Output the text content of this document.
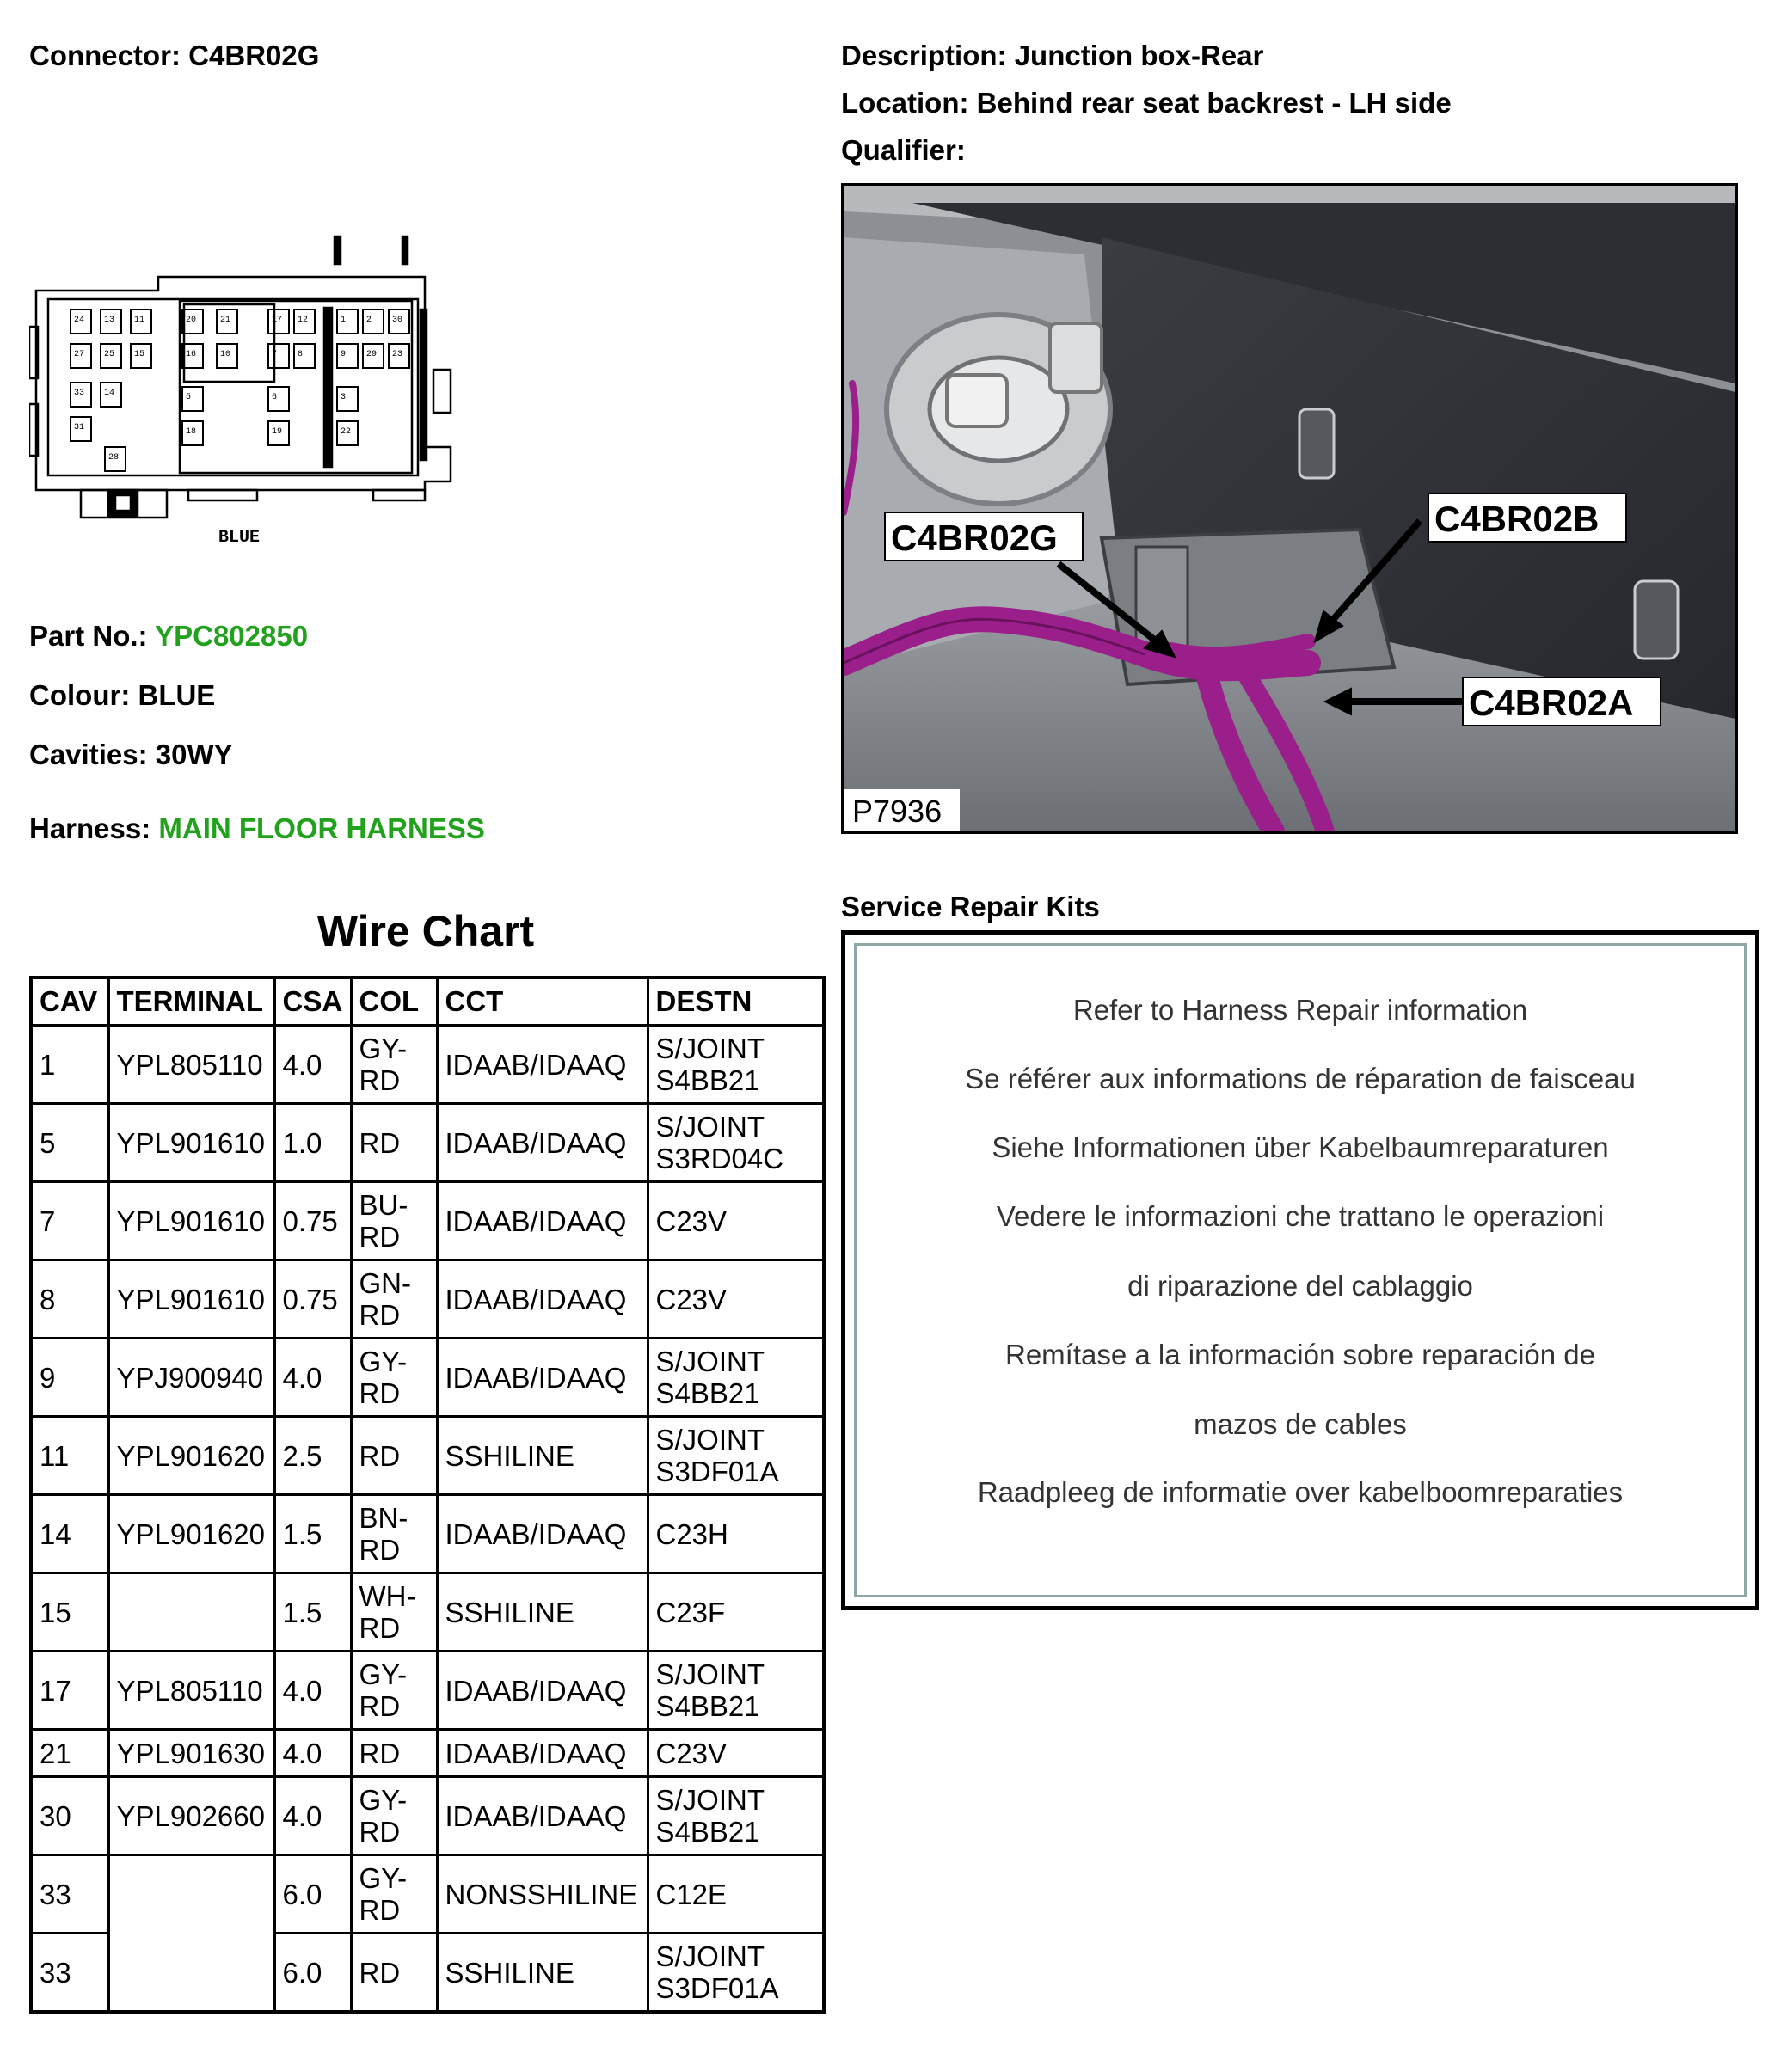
Connector: C4BR02G	Description: Junction box-Rear
Location: Behind rear seat backrest - LH side
Qualifier:
24 13 11	20	21	17 12	1 2 30
27 25 15	16	10	7 8	9 29 23
33 14	5	6	3
31	18	19	22
28
BLUE
Part No.: YPC802850
Colour: BLUE
Cavities: 30WY
Harness: MAIN FLOOR HARNESS
C4BR02G	C4BR02B
C4BR02A
P7936
Wire Chart
CAV	TERMINAL	CSA	COL	CCT	DESTN
1	YPL805110	4.0	GY-RD	IDAAB/IDAAQ	S/JOINT S4BB21
5	YPL901610	1.0	RD	IDAAB/IDAAQ	S/JOINT S3RD04C
7	YPL901610	0.75	BU-RD	IDAAB/IDAAQ	C23V
8	YPL901610	0.75	GN-RD	IDAAB/IDAAQ	C23V
9	YPJ900940	4.0	GY-RD	IDAAB/IDAAQ	S/JOINT S4BB21
11	YPL901620	2.5	RD	SSHILINE	S/JOINT S3DF01A
14	YPL901620	1.5	BN-RD	IDAAB/IDAAQ	C23H
15		1.5	WH-RD	SSHILINE	C23F
17	YPL805110	4.0	GY-RD	IDAAB/IDAAQ	S/JOINT S4BB21
21	YPL901630	4.0	RD	IDAAB/IDAAQ	C23V
30	YPL902660	4.0	GY-RD	IDAAB/IDAAQ	S/JOINT S4BB21
33		6.0	GY-RD	NONSSHILINE	C12E
33		6.0	RD	SSHILINE	S/JOINT S3DF01A
Service Repair Kits
Refer to Harness Repair information
Se référer aux informations de réparation de faisceau
Siehe Informationen über Kabelbaumreparaturen
Vedere le informazioni che trattano le operazioni
di riparazione del cablaggio
Remítase a la información sobre reparación de
mazos de cables
Raadpleeg de informatie over kabelboomreparaties
